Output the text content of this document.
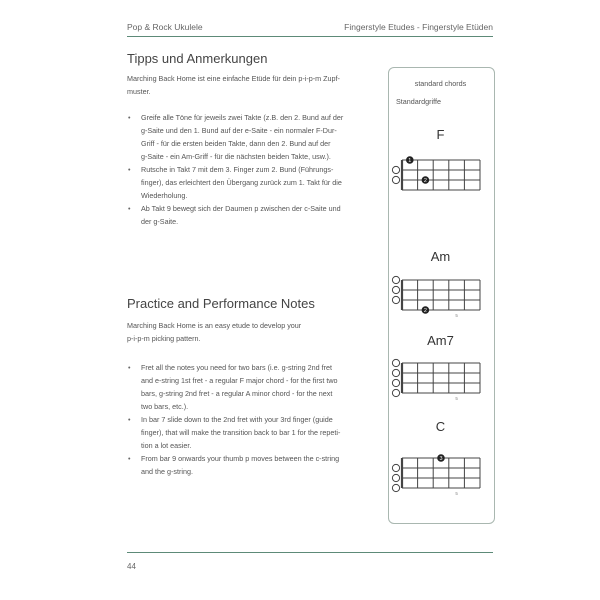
Pop & Rock Ukulele	Fingerstyle Etudes - Fingerstyle Etüden
Tipps und Anmerkungen

Marching Back Home ist eine einfache Etüde für dein p-i-p-m Zupf-
muster.

• Greife alle Töne für jeweils zwei Takte (z.B. den 2. Bund auf der
g-Saite und den 1. Bund auf der e-Saite - ein normaler F-Dur-
Griff - für die ersten beiden Takte, dann den 2. Bund auf der
g-Saite - ein Am-Griff - für die nächsten beiden Takte, usw.).
• Rutsche in Takt 7 mit dem 3. Finger zum 2. Bund (Führungs-
finger), das erleichtert den Übergang zurück zum 1. Takt für die
Wiederholung.
• Ab Takt 9 bewegt sich der Daumen p zwischen der c-Saite und
der g-Saite.
Practice and Performance Notes

Marching Back Home is an easy etude to develop your
p-i-p-m picking pattern.

• Fret all the notes you need for two bars (i.e. g-string 2nd fret
and e-string 1st fret - a regular F major chord - for the first two
bars, g-string 2nd fret - a regular A minor chord - for the next
two bars, etc.).
• In bar 7 slide down to the 2nd fret with your 3rd finger (guide
finger), that will make the transition back to bar 1 for the repeti-
tion a lot easier.
• From bar 9 onwards your thumb p moves between the c-string
and the g-string.
standard chords
Standardgriffe
F
1
2
Am
2
5
Am7
5
C
3
5
44
